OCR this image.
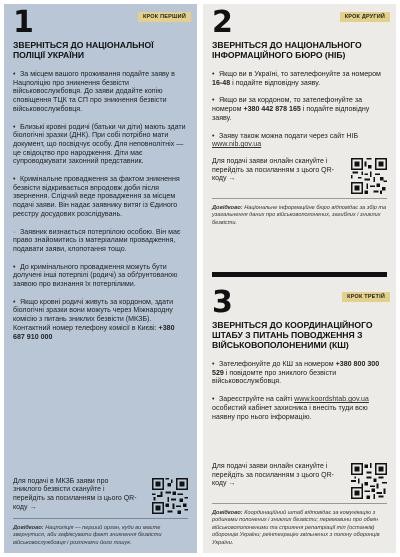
1	КРОК ПЕРШИЙ
ЗВЕРНІТЬСЯ ДО НАЦІОНАЛЬНОЇ ПОЛІЦІЇ УКРАЇНИ

• За місцем вашого проживання подайте заяву в Нацполіцію про зникнення безвісти військовослужбовця. До заяви додайте копію сповіщення ТЦК та СП про зникнення безвісти військовослужбовця.

• Близькі кровні родичі (батьки чи діти) мають здати біологічні зразки (ДНК). При собі потрібно мати документ, що посвідчує особу. Для неповнолітніх — це свідоцтво про народження. Діти має супроводжувати законний представник.

• Кримінальне провадження за фактом зникнення безвісти відкривається впродовж доби після звернення. Слідчий веде провадження за місцем подачі заяви. Він надає заявнику витяг із Єдиного реєстру досудових розслідувань.

· Заявник визнається потерпілою особою. Він має право знайомитись із матеріалами провадження, подавати заяви, клопотання тощо.

• До кримінального провадження можуть бути долучені інші потерпілі (родичі) за обґрунтованою заявою про визнання їх потерпілими.

• Якщо кровні родичі живуть за кордоном, здати біологічні зразки вони можуть через Міжнародну комісію з питань зниклих безвісти (МКЗБ). Контактний номер телефону комісії в Києві: +380 687 910 000

Для подачі в МКЗБ заяви про зниклого безвісти скануйте і перейдіть за посиланням із цього QR-коду →

Довідково: Нацполіція — перший орган, куди ви маєте звернутися, аби зафіксувати факт зникнення безвісти військовослужбовця і розпочати його пошук.

2	КРОК ДРУГИЙ
ЗВЕРНІТЬСЯ ДО НАЦІОНАЛЬНОГО ІНФОРМАЦІЙНОГО БЮРО (НІБ)

• Якщо ви в Україні, то зателефонуйте за номером 16-48 і подайте відповідну заяву.

• Якщо ви за кордоном, то зателефонуйте за номером +380 442 878 165 і подайте відповідну заяву.

• Заяву також можна подати через сайт НІБ www.nib.gov.ua

Для подачі заяви онлайн скануйте і перейдіть за посиланням з цього QR-коду →

Довідково: Національне інформаційне бюро відповідає за збір та узагальнення даних про військовополонених, загиблих і зниклих безвісти.

3	КРОК ТРЕТІЙ
ЗВЕРНІТЬСЯ ДО КООРДИНАЦІЙНОГО ШТАБУ З ПИТАНЬ ПОВОДЖЕННЯ З ВІЙСЬКОВОПОЛОНЕНИМИ (КШ)

• Зателефонуйте до КШ за номером +380 800 300 529 і повідомте про зниклого безвісти військовослужбовця.

• Зареєструйте на сайті www.koordshtab.gov.ua особистий кабінет захисника і внесіть туди всю наявну про нього інформацію.

Для подачі заяви онлайн скануйте і перейдіть за посиланням з цього QR-коду →

Довідково: Координаційний штаб відповідає за комунікацію з родинами полонених і зниклих безвісти; перемовини про обмін військовополоненими та сприяння репатріації тіл (останків) оборонців України; реінтеграцію звільнених з полону оборонців України.
